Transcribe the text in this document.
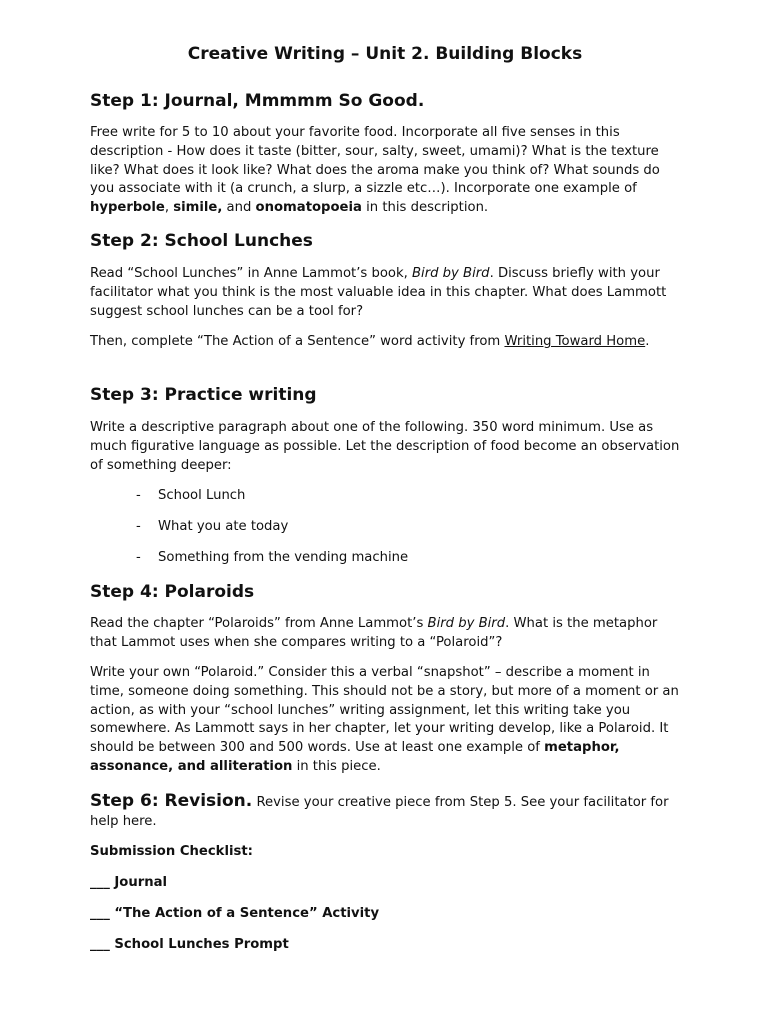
Creative Writing – Unit 2. Building Blocks
Step 1: Journal, Mmmmm So Good.
Free write for 5 to 10 about your favorite food. Incorporate all five senses in this description - How does it taste (bitter, sour, salty, sweet, umami)? What is the texture like? What does it look like? What does the aroma make you think of? What sounds do you associate with it (a crunch, a slurp, a sizzle etc…). Incorporate one example of hyperbole, simile, and onomatopoeia in this description.
Step 2: School Lunches
Read “School Lunches” in Anne Lammot’s book, Bird by Bird. Discuss briefly with your facilitator what you think is the most valuable idea in this chapter. What does Lammott suggest school lunches can be a tool for?
Then, complete “The Action of a Sentence” word activity from Writing Toward Home.
Step 3: Practice writing
Write a descriptive paragraph about one of the following. 350 word minimum. Use as much figurative language as possible. Let the description of food become an observation of something deeper:
- School Lunch
- What you ate today
- Something from the vending machine
Step 4: Polaroids
Read the chapter “Polaroids” from Anne Lammot’s Bird by Bird. What is the metaphor that Lammot uses when she compares writing to a “Polaroid”?
Write your own “Polaroid.” Consider this a verbal “snapshot” – describe a moment in time, someone doing something. This should not be a story, but more of a moment or an action, as with your “school lunches” writing assignment, let this writing take you somewhere. As Lammott says in her chapter, let your writing develop, like a Polaroid. It should be between 300 and 500 words. Use at least one example of metaphor, assonance, and alliteration in this piece.
Step 6: Revision. Revise your creative piece from Step 5. See your facilitator for help here.
Submission Checklist:
___ Journal
___ “The Action of a Sentence” Activity
___ School Lunches Prompt
